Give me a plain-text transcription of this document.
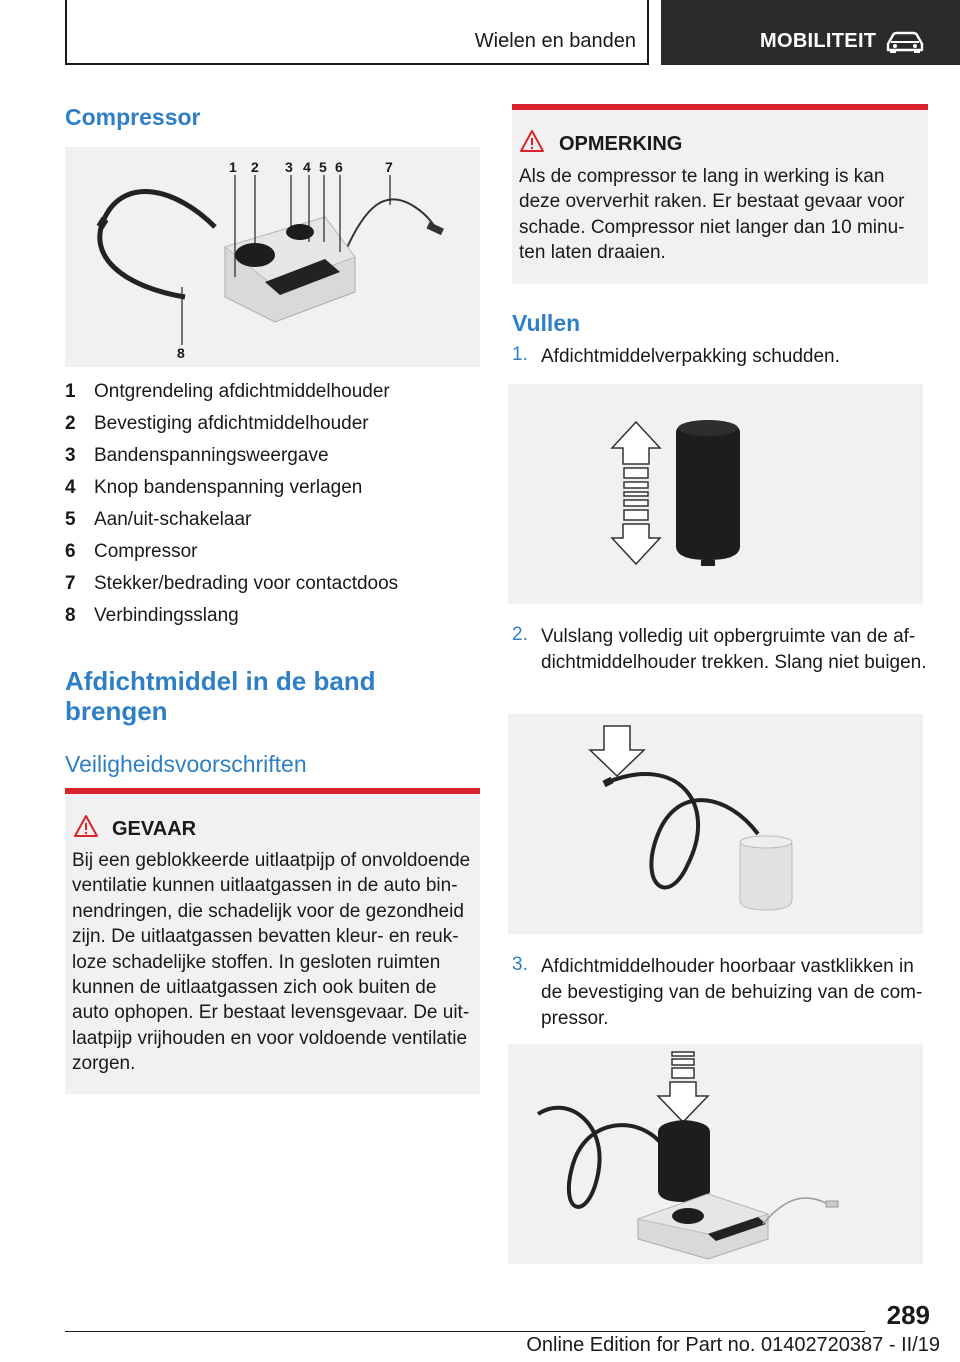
Wielen en banden	MOBILITEIT
Compressor
1 2 3 4 5 6	7
8
1 Ontgrendeling afdichtmiddelhouder
2 Bevestiging afdichtmiddelhouder
3 Bandenspanningsweergave
4 Knop bandenspanning verlagen
5 Aan/uit-schakelaar
6 Compressor
7 Stekker/bedrading voor contactdoos
8 Verbindingsslang
Afdichtmiddel in de band brengen
Veiligheidsvoorschriften
GEVAAR

Bij een geblokkeerde uitlaatpijp of onvoldoende ventilatie kunnen uitlaatgassen in de auto binnendringen, die schadelijk voor de gezondheid zijn. De uitlaatgassen bevatten kleur- en reukloze schadelijke stoffen. In gesloten ruimten kunnen de uitlaatgassen zich ook buiten de auto ophopen. Er bestaat levensgevaar. De uitlaatpijp vrijhouden en voor voldoende ventilatie zorgen.

OPMERKING

Als de compressor te lang in werking is kan deze oververhit raken. Er bestaat gevaar voor schade. Compressor niet langer dan 10 minuten laten draaien.

Vullen
1. Afdichtmiddelverpakking schudden.
2. Vulslang volledig uit opbergruimte van de afdichtmiddelhouder trekken. Slang niet buigen.
3. Afdichtmiddelhouder hoorbaar vastklikken in de bevestiging van de behuizing van de compressor.
289
Online Edition for Part no. 01402720387 - II/19
